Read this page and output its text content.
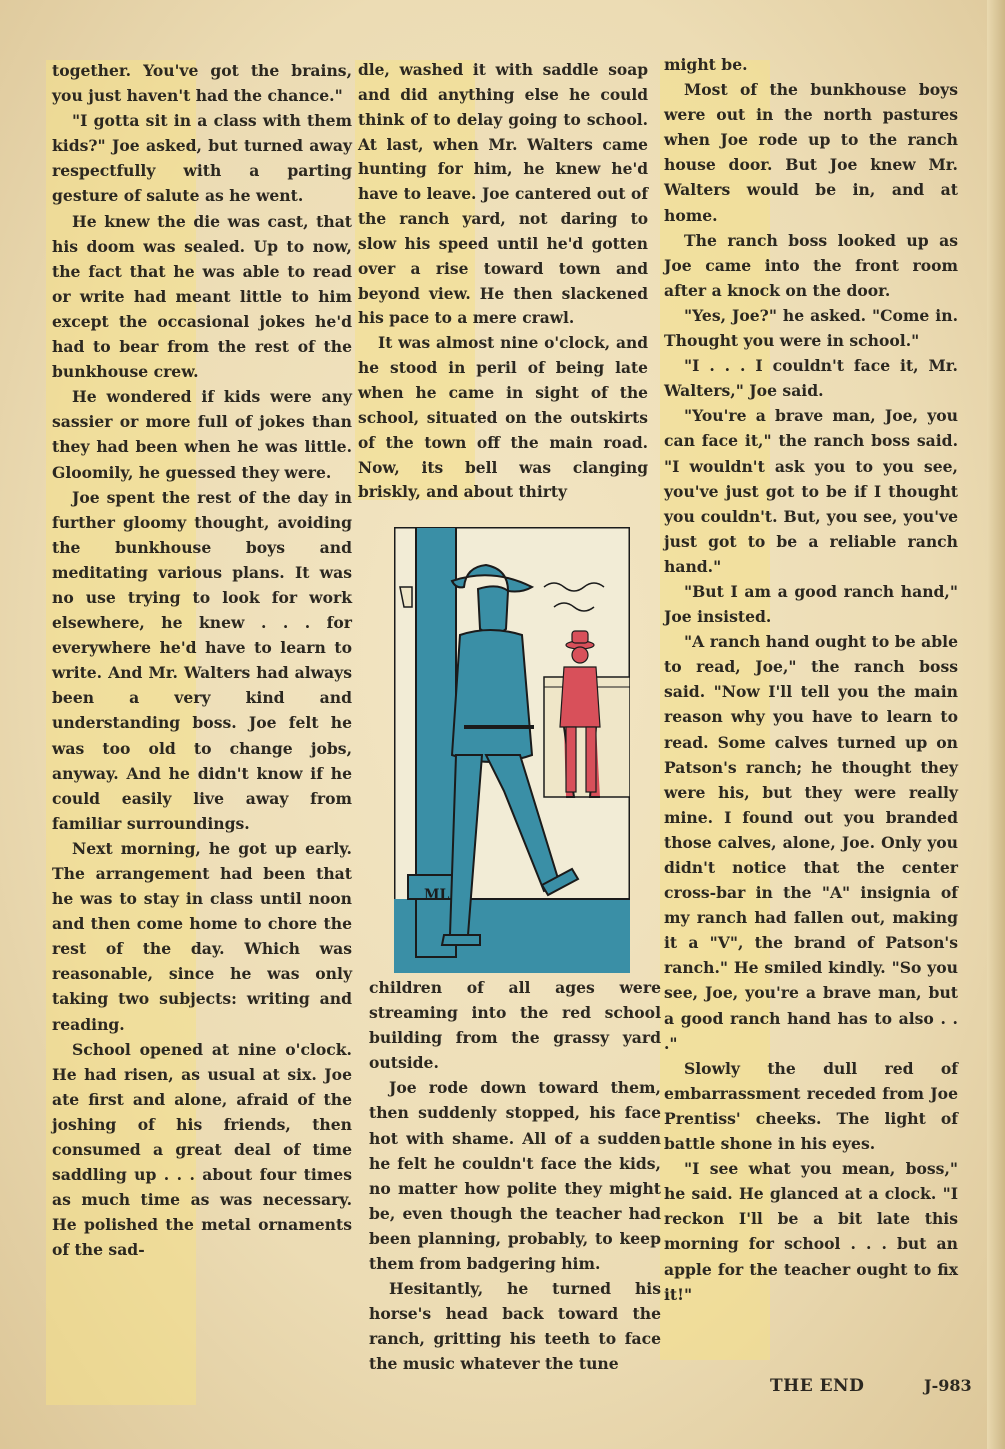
together. You've got the brains, you just haven't had the chance."

"I gotta sit in a class with them kids?" Joe asked, but turned away respectfully with a parting gesture of salute as he went.

He knew the die was cast, that his doom was sealed. Up to now, the fact that he was able to read or write had meant little to him except the occasional jokes he'd had to bear from the rest of the bunkhouse crew.

He wondered if kids were any sassier or more full of jokes than they had been when he was little. Gloomily, he guessed they were.

Joe spent the rest of the day in further gloomy thought, avoiding the bunkhouse boys and meditating various plans. It was no use trying to look for work elsewhere, he knew . . . for everywhere he'd have to learn to write. And Mr. Walters had always been a very kind and understanding boss. Joe felt he was too old to change jobs, anyway. And he didn't know if he could easily live away from familiar surroundings.

Next morning, he got up early. The arrangement had been that he was to stay in class until noon and then come home to chore the rest of the day. Which was reasonable, since he was only taking two subjects: writing and reading.

School opened at nine o'clock. He had risen, as usual at six. Joe ate first and alone, afraid of the joshing of his friends, then consumed a great deal of time saddling up . . . about four times as much time as was necessary. He polished the metal ornaments of the sad-

dle, washed it with saddle soap and did anything else he could think of to delay going to school. At last, when Mr. Walters came hunting for him, he knew he'd have to leave. Joe cantered out of the ranch yard, not daring to slow his speed until he'd gotten over a rise toward town and beyond view. He then slackened his pace to a mere crawl.

It was almost nine o'clock, and he stood in peril of being late when he came in sight of the school, situated on the outskirts of the town off the main road. Now, its bell was clanging briskly, and about thirty

ML

children of all ages were streaming into the red school building from the grassy yard outside.

Joe rode down toward them, then suddenly stopped, his face hot with shame. All of a sudden he felt he couldn't face the kids, no matter how polite they might be, even though the teacher had been planning, probably, to keep them from badgering him.

Hesitantly, he turned his horse's head back toward the ranch, gritting his teeth to face the music whatever the tune

might be.

Most of the bunkhouse boys were out in the north pastures when Joe rode up to the ranch house door. But Joe knew Mr. Walters would be in, and at home.

The ranch boss looked up as Joe came into the front room after a knock on the door.

"Yes, Joe?" he asked. "Come in. Thought you were in school."

"I . . . I couldn't face it, Mr. Walters," Joe said.

"You're a brave man, Joe, you can face it," the ranch boss said. "I wouldn't ask you to you see, you've just got to be if I thought you couldn't. But, you see, you've just got to be a reliable ranch hand."

"But I am a good ranch hand," Joe insisted.

"A ranch hand ought to be able to read, Joe," the ranch boss said. "Now I'll tell you the main reason why you have to learn to read. Some calves turned up on Patson's ranch; he thought they were his, but they were really mine. I found out you branded those calves, alone, Joe. Only you didn't notice that the center cross-bar in the "A" insignia of my ranch had fallen out, making it a "V", the brand of Patson's ranch." He smiled kindly. "So you see, Joe, you're a brave man, but a good ranch hand has to also . . ."

Slowly the dull red of embarrassment receded from Joe Prentiss' cheeks. The light of battle shone in his eyes.

"I see what you mean, boss," he said. He glanced at a clock. "I reckon I'll be a bit late this morning for school . . . but an apple for the teacher ought to fix it!"

THE END	J-983
